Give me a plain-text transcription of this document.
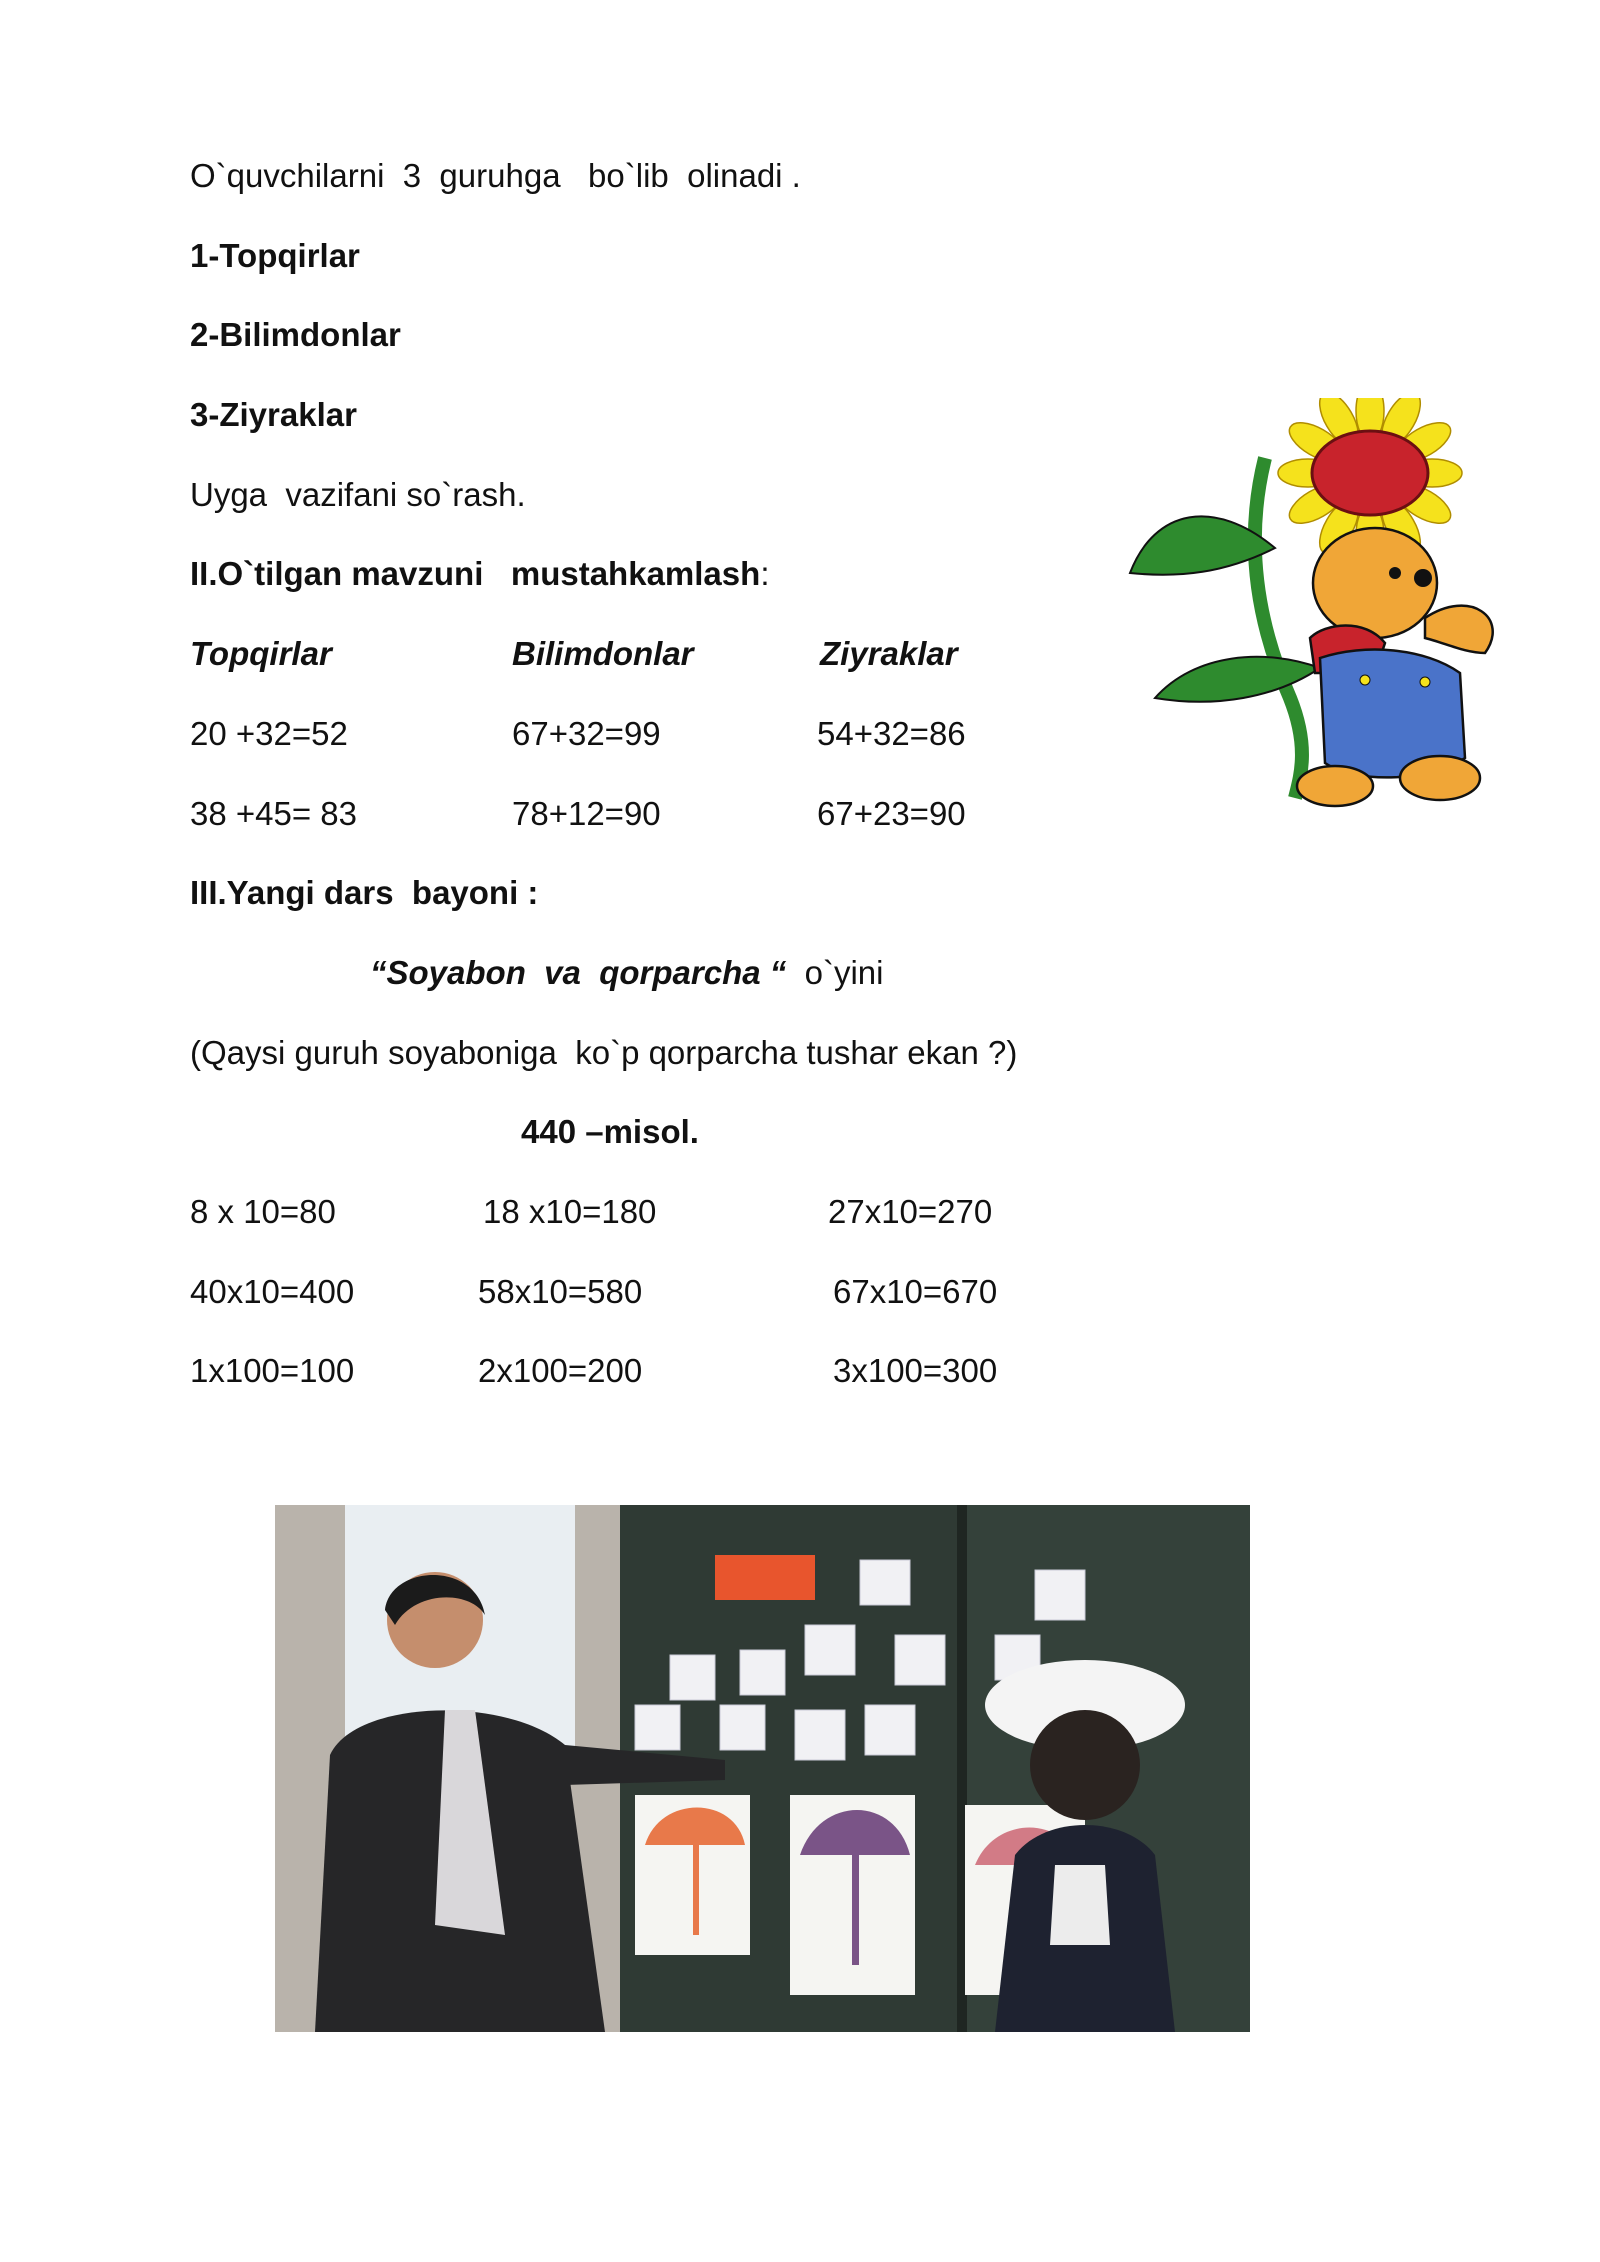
O`quvchilarni  3  guruhga   bo`lib  olinadi .
1-Topqirlar
2-Bilimdonlar
3-Ziyraklar
Uyga  vazifani so`rash.
II.O`tilgan mavzuni   mustahkamlash:
Topqirlar	Bilimdonlar	Ziyraklar
20 +32=52	67+32=99	54+32=86
38 +45= 83	78+12=90	67+23=90
III.Yangi dars  bayoni :
“Soyabon  va  qorparcha “  o`yini
(Qaysi guruh soyaboniga  ko`p qorparcha tushar ekan ?)
440 –misol.
8 x 10=80	18 x10=180	27x10=270
40x10=400	58x10=580	67x10=670
1x100=100	2x100=200	3x100=300
